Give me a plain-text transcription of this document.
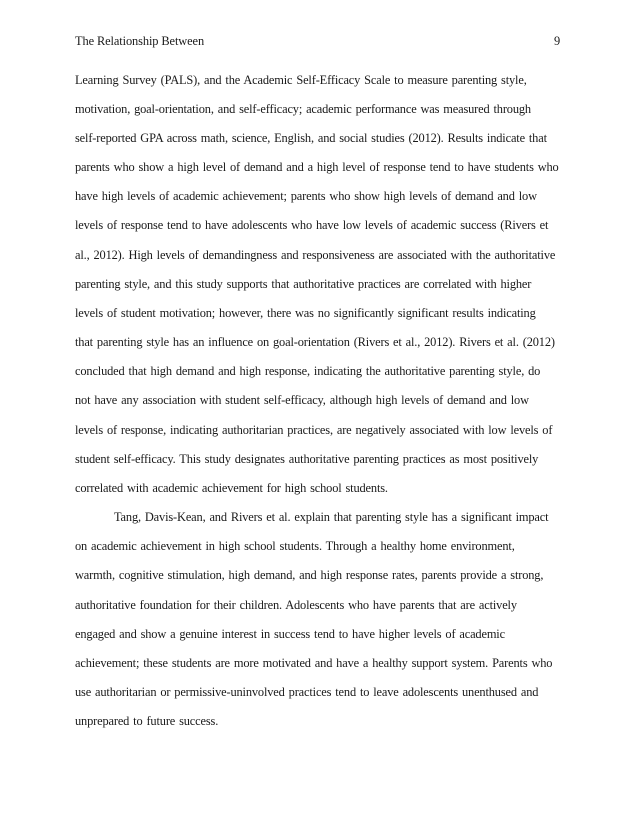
The Relationship Between	9
Learning Survey (PALS), and the Academic Self-Efficacy Scale to measure parenting style,
motivation, goal-orientation, and self-efficacy; academic performance was measured through
self-reported GPA across math, science, English, and social studies (2012). Results indicate that
parents who show a high level of demand and a high level of response tend to have students who
have high levels of academic achievement; parents who show high levels of demand and low
levels of response tend to have adolescents who have low levels of academic success (Rivers et
al., 2012). High levels of demandingness and responsiveness are associated with the authoritative
parenting style, and this study supports that authoritative practices are correlated with higher
levels of student motivation; however, there was no significantly significant results indicating
that parenting style has an influence on goal-orientation (Rivers et al., 2012). Rivers et al. (2012)
concluded that high demand and high response, indicating the authoritative parenting style, do
not have any association with student self-efficacy, although high levels of demand and low
levels of response, indicating authoritarian practices, are negatively associated with low levels of
student self-efficacy. This study designates authoritative parenting practices as most positively
correlated with academic achievement for high school students.
Tang, Davis-Kean, and Rivers et al. explain that parenting style has a significant impact
on academic achievement in high school students. Through a healthy home environment,
warmth, cognitive stimulation, high demand, and high response rates, parents provide a strong,
authoritative foundation for their children. Adolescents who have parents that are actively
engaged and show a genuine interest in success tend to have higher levels of academic
achievement; these students are more motivated and have a healthy support system. Parents who
use authoritarian or permissive-uninvolved practices tend to leave adolescents unenthused and
unprepared to future success.
